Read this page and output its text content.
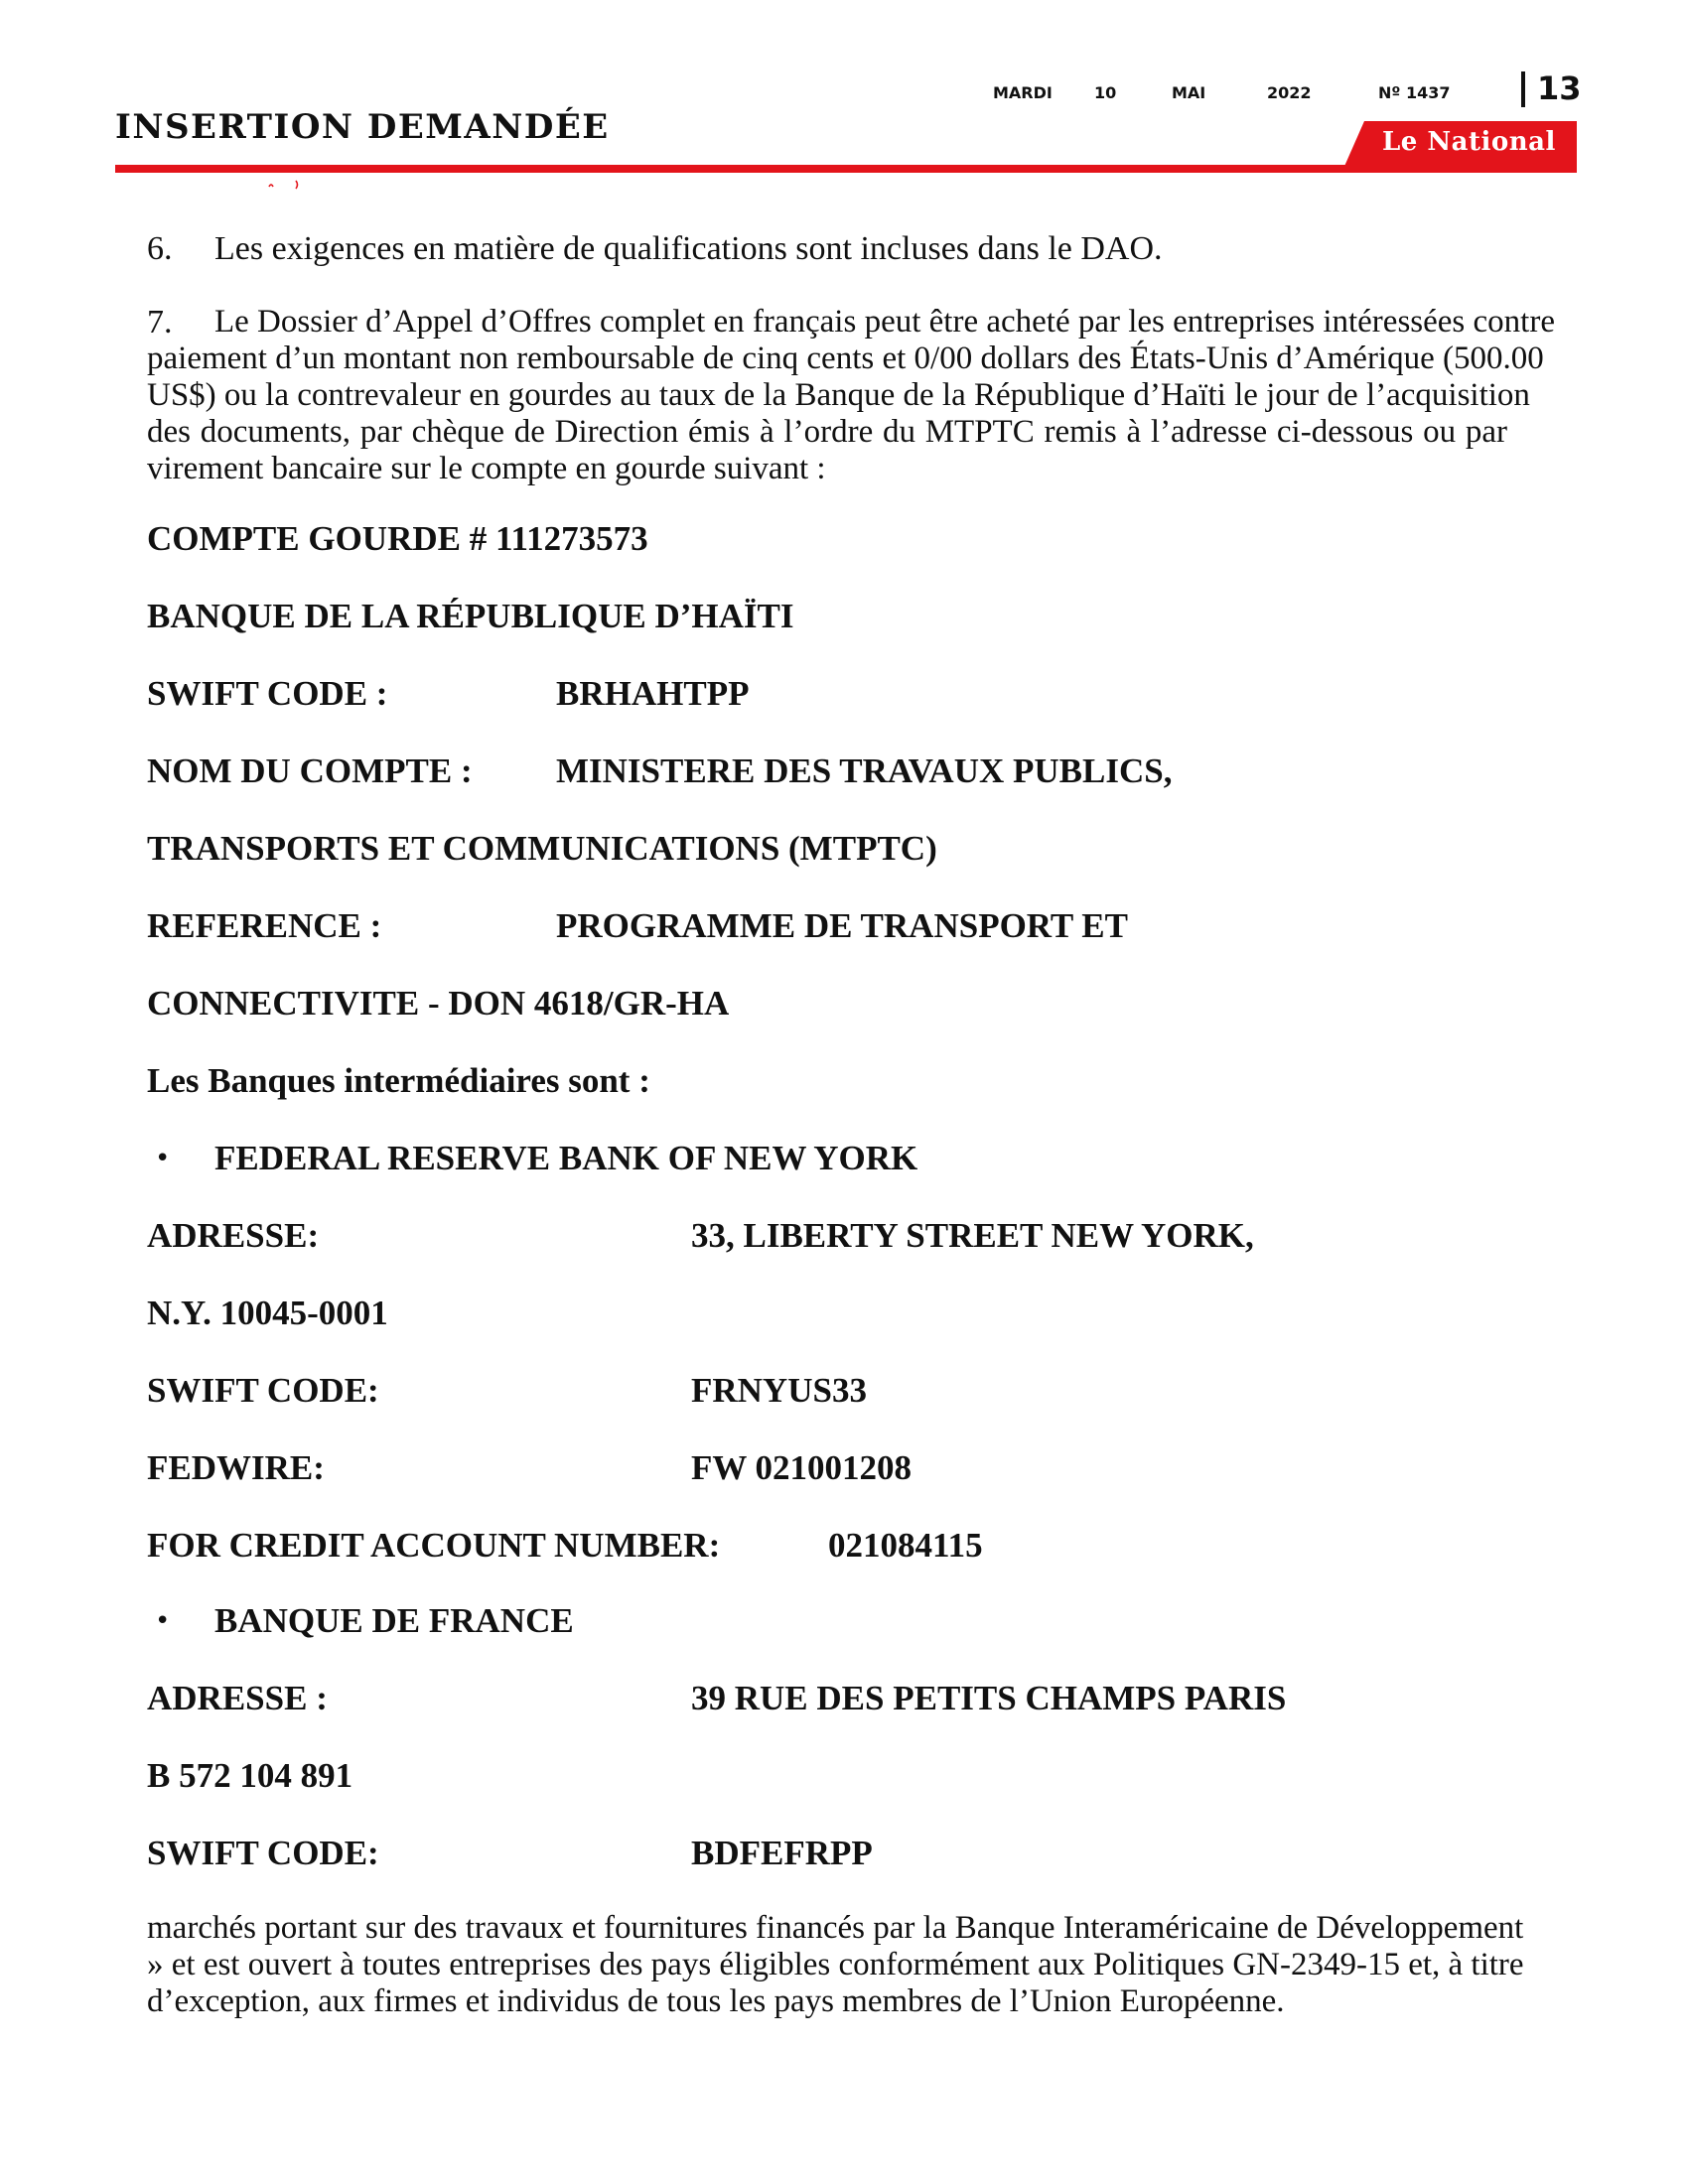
INSERTION DEMANDÉE
MARDI	10	MAI	2022	Nº 1437	13
Le National
6. Les exigences en matière de qualifications sont incluses dans le DAO.
7. Le Dossier d’Appel d’Offres complet en français peut être acheté par les entreprises intéressées contre
paiement d’un montant non remboursable de cinq cents et 0/00 dollars des États-Unis d’Amérique (500.00
US$) ou la contrevaleur en gourdes au taux de la Banque de la République d’Haïti le jour de l’acquisition
des documents, par chèque de Direction émis à l’ordre du MTPTC remis à l’adresse ci-dessous ou par
virement bancaire sur le compte en gourde suivant :
COMPTE GOURDE # 111273573
BANQUE DE LA RÉPUBLIQUE D’HAÏTI
SWIFT CODE :	BRHAHTPP
NOM DU COMPTE : MINISTERE DES TRAVAUX PUBLICS,
TRANSPORTS ET COMMUNICATIONS (MTPTC)
REFERENCE :	PROGRAMME DE TRANSPORT ET
CONNECTIVITE - DON 4618/GR-HA
Les Banques intermédiaires sont :
• FEDERAL RESERVE BANK OF NEW YORK
ADRESSE:	33, LIBERTY STREET NEW YORK,
N.Y. 10045-0001
SWIFT CODE:	FRNYUS33
FEDWIRE:	FW 021001208
FOR CREDIT ACCOUNT NUMBER:	021084115
• BANQUE DE FRANCE
ADRESSE :	39 RUE DES PETITS CHAMPS PARIS
B 572 104 891
SWIFT CODE:	BDFEFRPP
marchés portant sur des travaux et fournitures financés par la Banque Interaméricaine de Développement
» et est ouvert à toutes entreprises des pays éligibles conformément aux Politiques GN-2349-15 et, à titre
d’exception, aux firmes et individus de tous les pays membres de l’Union Européenne.
